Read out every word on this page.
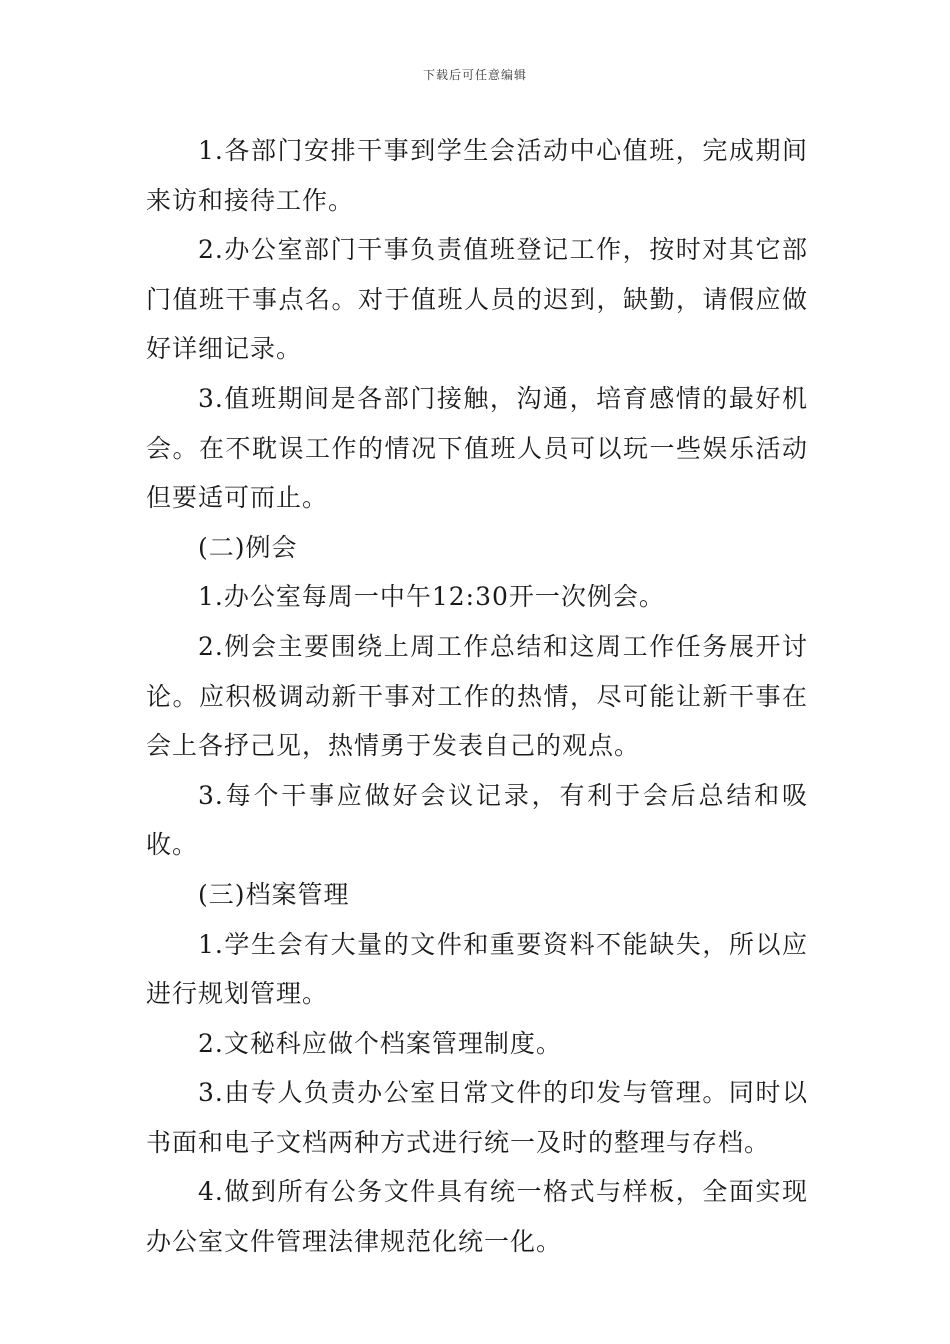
下载后可任意编辑

1.各部门安排干事到学生会活动中心值班，完成期间来访和接待工作。

2.办公室部门干事负责值班登记工作，按时对其它部门值班干事点名。对于值班人员的迟到，缺勤，请假应做好详细记录。

3.值班期间是各部门接触，沟通，培育感情的最好机会。在不耽误工作的情况下值班人员可以玩一些娱乐活动但要适可而止。

(二)例会

1.办公室每周一中午12:30开一次例会。

2.例会主要围绕上周工作总结和这周工作任务展开讨论。应积极调动新干事对工作的热情，尽可能让新干事在会上各抒己见，热情勇于发表自己的观点。

3.每个干事应做好会议记录，有利于会后总结和吸收。

(三)档案管理

1.学生会有大量的文件和重要资料不能缺失，所以应进行规划管理。

2.文秘科应做个档案管理制度。

3.由专人负责办公室日常文件的印发与管理。同时以书面和电子文档两种方式进行统一及时的整理与存档。

4.做到所有公务文件具有统一格式与样板，全面实现办公室文件管理法律规范化统一化。
